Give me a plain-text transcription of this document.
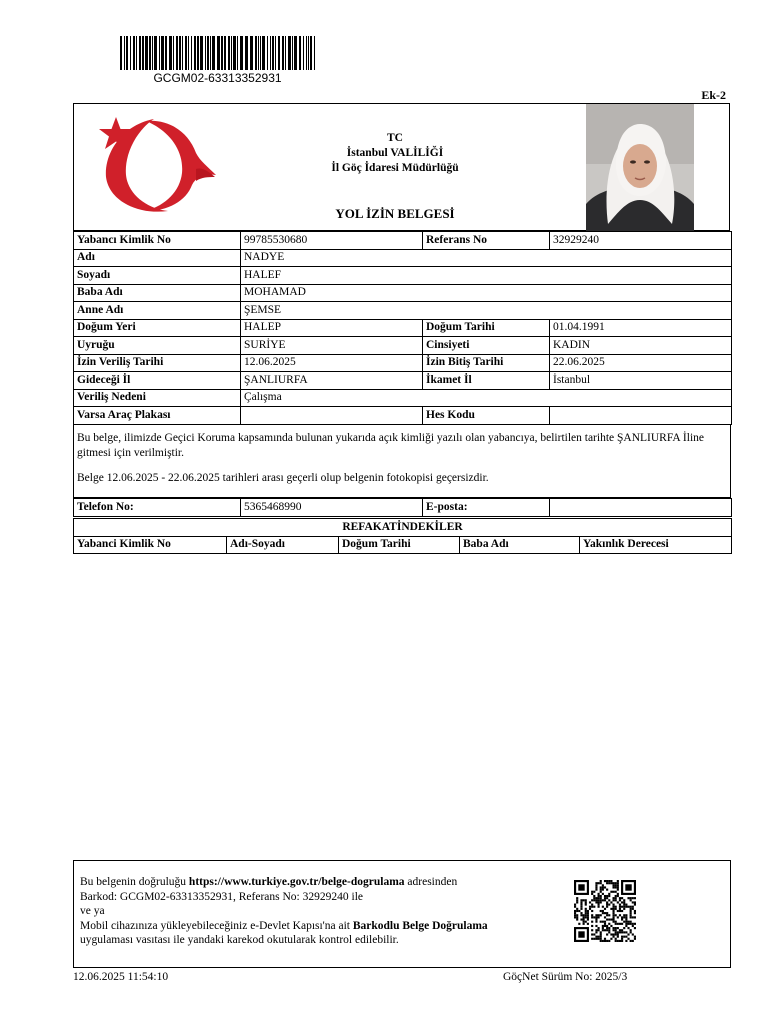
GCGM02-63313352931
Ek-2
TC
İstanbul VALİLİĞİ
İl Göç İdaresi Müdürlüğü
YOL İZİN BELGESİ
Yabancı Kimlik No	99785530680	Referans No	32929240
Adı	NADYE		
Soyadı	HALEF		
Baba Adı	MOHAMAD		
Anne Adı	ŞEMSE		
Doğum Yeri	HALEP	Doğum Tarihi	01.04.1991
Uyruğu	SURİYE	Cinsiyeti	KADIN
İzin Veriliş Tarihi	12.06.2025	İzin Bitiş Tarihi	22.06.2025
Gideceği İl	ŞANLIURFA	İkamet İl	İstanbul
Veriliş Nedeni	Çalışma		
Varsa Araç Plakası		Hes Kodu	

Bu belge, ilimizde Geçici Koruma kapsamında bulunan yukarıda açık kimliği yazılı olan yabancıya, belirtilen tarihte ŞANLIURFA İline gitmesi için verilmiştir.

Belge 12.06.2025 - 22.06.2025 tarihleri arası geçerli olup belgenin fotokopisi geçersizdir.

Telefon No:	5365468990	E-posta:	
REFAKATİNDEKİLER
Yabanci Kimlik No	Adı-Soyadı	Doğum Tarihi	Baba Adı	Yakınlık Derecesi
Bu belgenin doğruluğu https://www.turkiye.gov.tr/belge-dogrulama adresinden
Barkod: GCGM02-63313352931, Referans No: 32929240 ile
ve ya
Mobil cihazınıza yükleyebileceğiniz e-Devlet Kapısı'na ait Barkodlu Belge Doğrulama
uygulaması vasıtası ile yandaki karekod okutularak kontrol edilebilir.
12.06.2025 11:54:10	GöçNet Sürüm No: 2025/3
